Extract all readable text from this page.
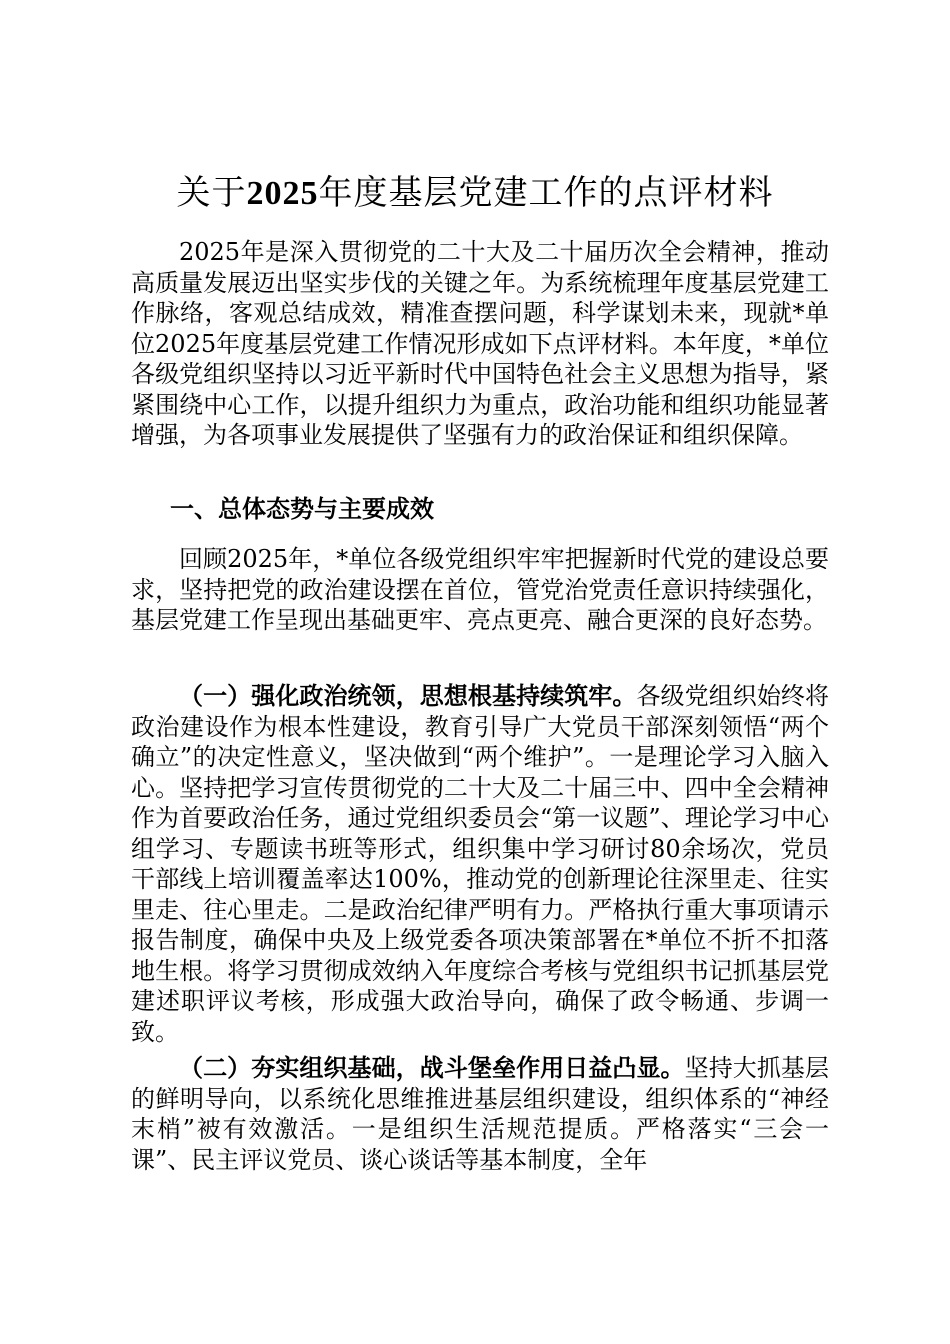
关于2025年度基层党建工作的点评材料

2025年是深入贯彻党的二十大及二十届历次全会精神，推动高质量发展迈出坚实步伐的关键之年。为系统梳理年度基层党建工作脉络，客观总结成效，精准查摆问题，科学谋划未来，现就*单位2025年度基层党建工作情况形成如下点评材料。本年度，*单位各级党组织坚持以习近平新时代中国特色社会主义思想为指导，紧紧围绕中心工作，以提升组织力为重点，政治功能和组织功能显著增强，为各项事业发展提供了坚强有力的政治保证和组织保障。

一、总体态势与主要成效

回顾2025年，*单位各级党组织牢牢把握新时代党的建设总要求，坚持把党的政治建设摆在首位，管党治党责任意识持续强化，基层党建工作呈现出基础更牢、亮点更亮、融合更深的良好态势。

（一）强化政治统领，思想根基持续筑牢。各级党组织始终将政治建设作为根本性建设，教育引导广大党员干部深刻领悟“两个确立”的决定性意义，坚决做到“两个维护”。一是理论学习入脑入心。坚持把学习宣传贯彻党的二十大及二十届三中、四中全会精神作为首要政治任务，通过党组织委员会“第一议题”、理论学习中心组学习、专题读书班等形式，组织集中学习研讨80余场次，党员干部线上培训覆盖率达100%，推动党的创新理论往深里走、往实里走、往心里走。二是政治纪律严明有力。严格执行重大事项请示报告制度，确保中央及上级党委各项决策部署在*单位不折不扣落地生根。将学习贯彻成效纳入年度综合考核与党组织书记抓基层党建述职评议考核，形成强大政治导向，确保了政令畅通、步调一致。

（二）夯实组织基础，战斗堡垒作用日益凸显。坚持大抓基层的鲜明导向，以系统化思维推进基层组织建设，组织体系的“神经末梢”被有效激活。一是组织生活规范提质。严格落实“三会一课”、民主评议党员、谈心谈话等基本制度，全年
